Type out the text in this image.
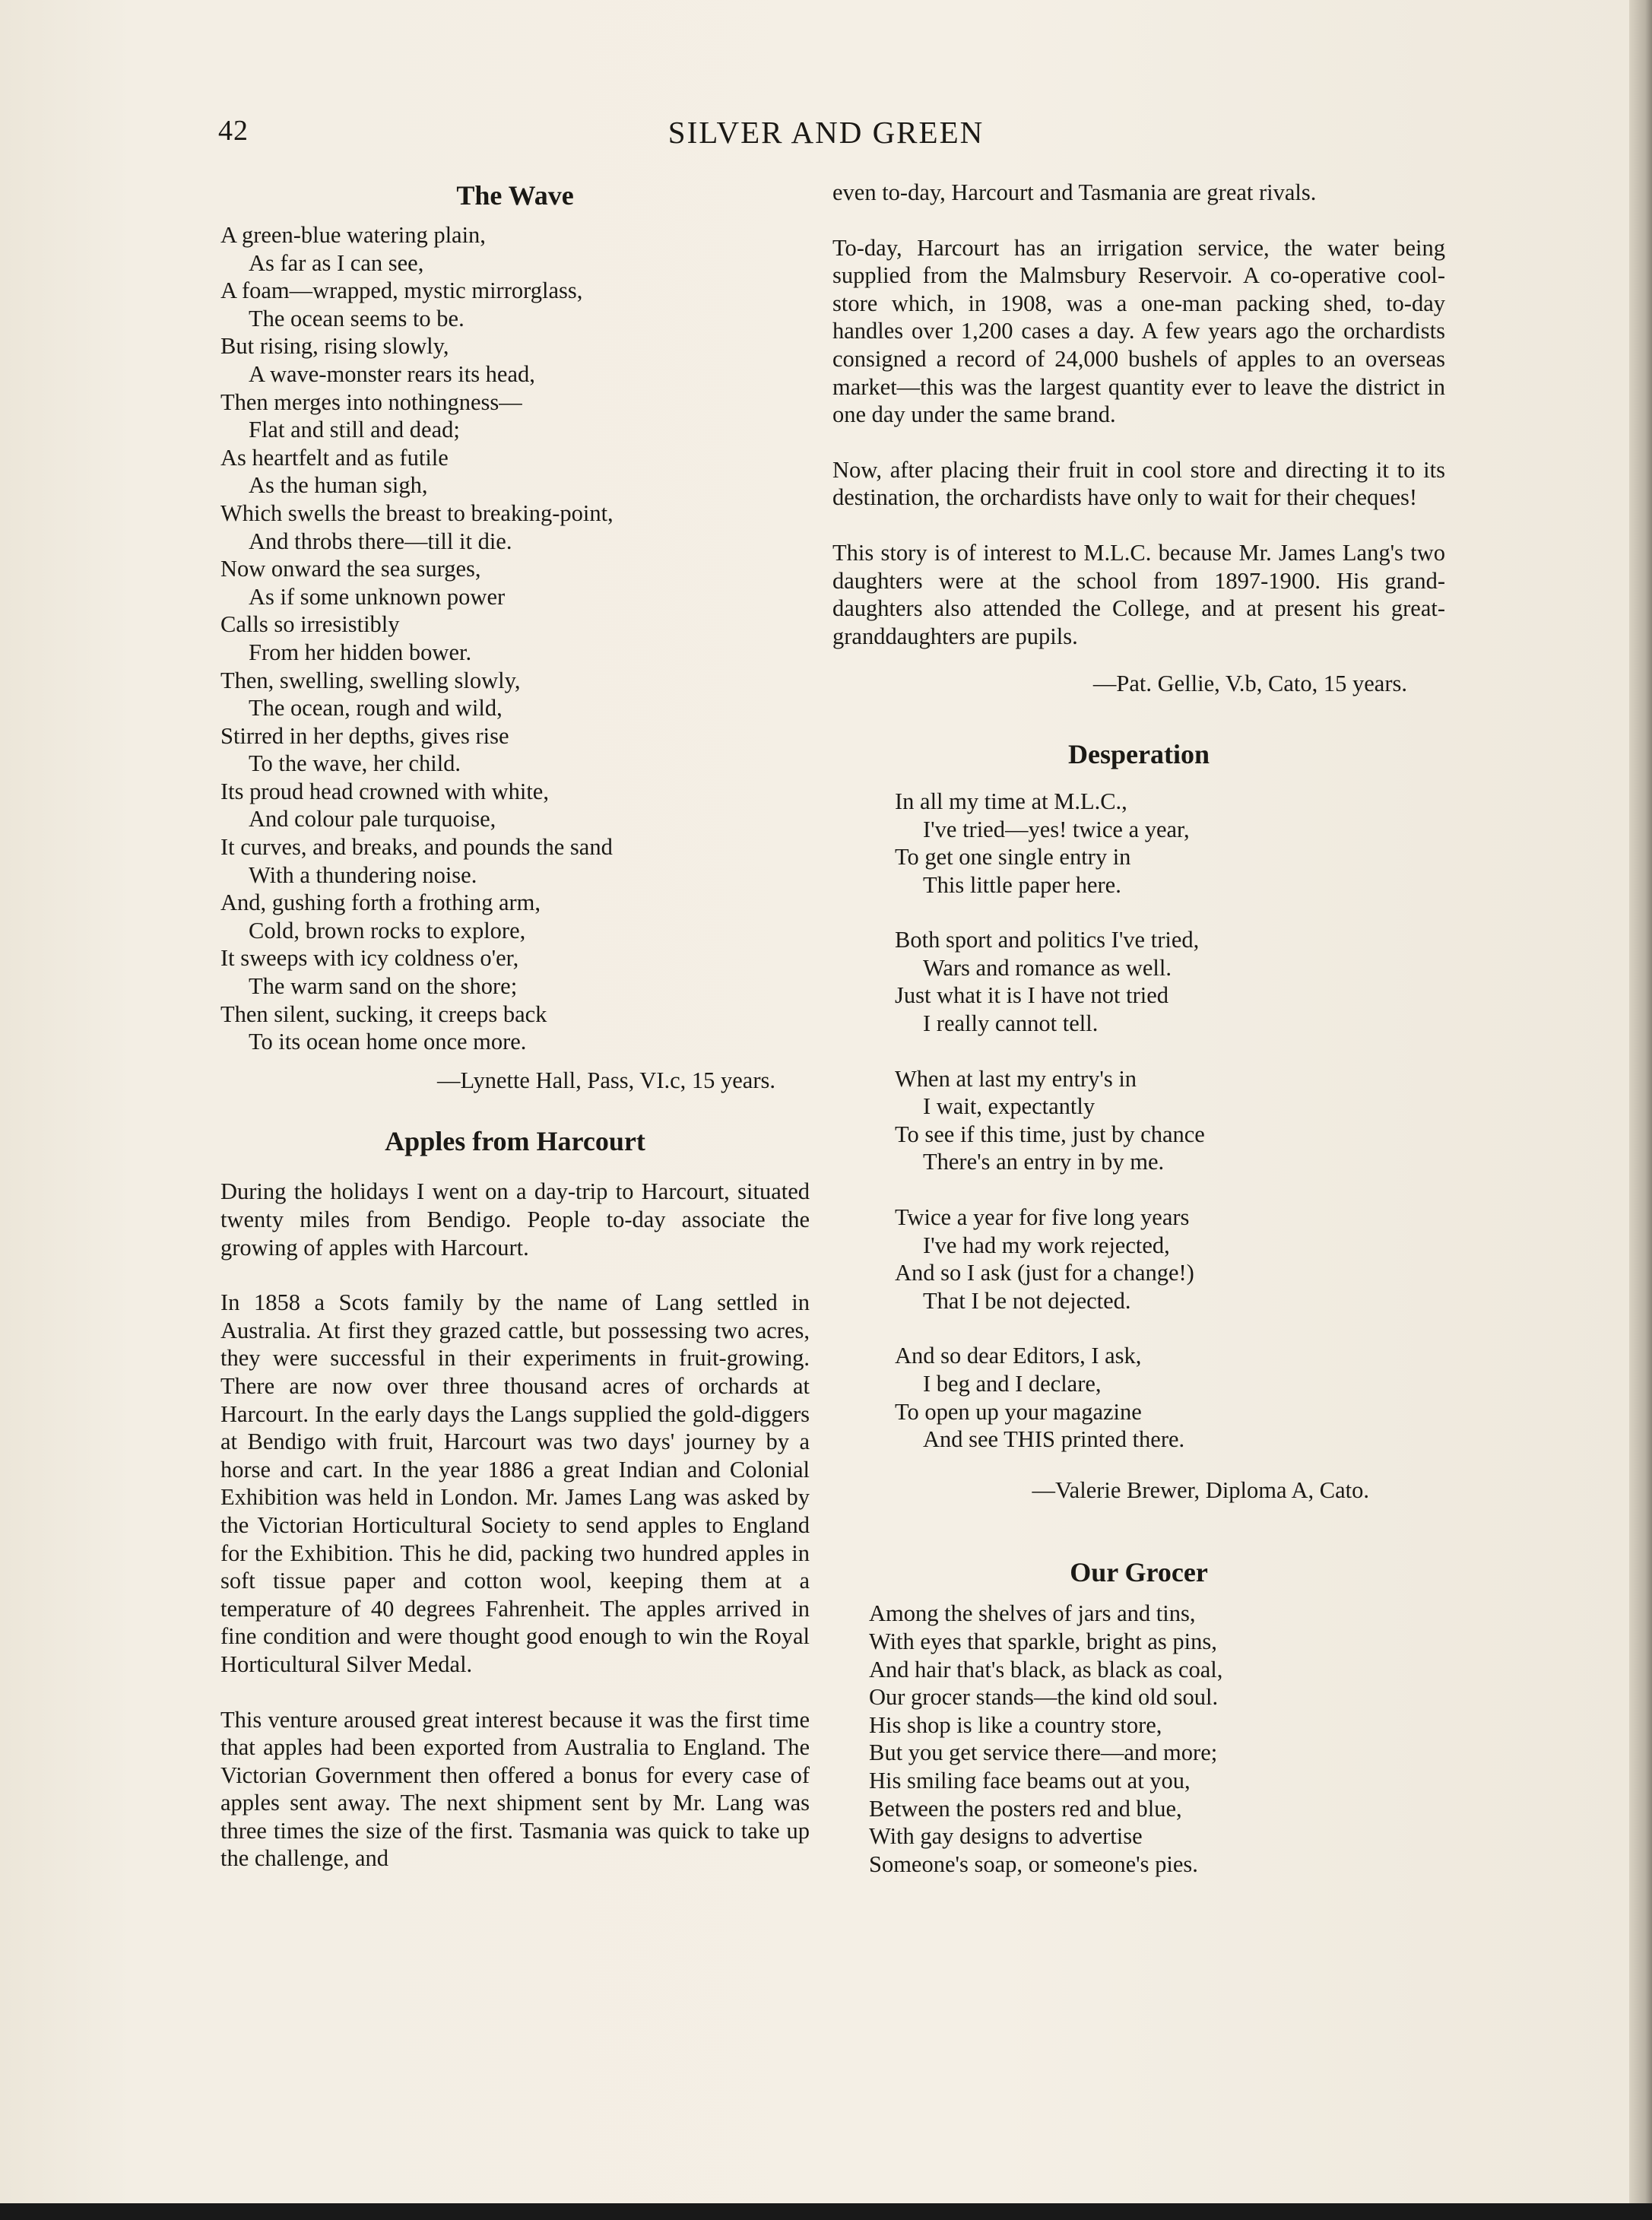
42	SILVER AND GREEN
The Wave
A green-blue watering plain,
As far as I can see,
A foam—wrapped, mystic mirrorglass,
The ocean seems to be.
But rising, rising slowly,
A wave-monster rears its head,
Then merges into nothingness—
Flat and still and dead;
As heartfelt and as futile
As the human sigh,
Which swells the breast to breaking-point,
And throbs there—till it die.
Now onward the sea surges,
As if some unknown power
Calls so irresistibly
From her hidden bower.
Then, swelling, swelling slowly,
The ocean, rough and wild,
Stirred in her depths, gives rise
To the wave, her child.
Its proud head crowned with white,
And colour pale turquoise,
It curves, and breaks, and pounds the sand
With a thundering noise.
And, gushing forth a frothing arm,
Cold, brown rocks to explore,
It sweeps with icy coldness o'er,
The warm sand on the shore;
Then silent, sucking, it creeps back
To its ocean home once more.

—Lynette Hall, Pass, VI.c, 15 years.

Apples from Harcourt

During the holidays I went on a day-trip to Harcourt, situated twenty miles from Bendigo. People to-day associate the growing of apples with Harcourt.

In 1858 a Scots family by the name of Lang settled in Australia. At first they grazed cattle, but possessing two acres, they were successful in their experiments in fruit-growing. There are now over three thousand acres of orchards at Harcourt. In the early days the Langs supplied the gold-diggers at Bendigo with fruit, Harcourt was two days' journey by a horse and cart. In the year 1886 a great Indian and Colonial Exhibition was held in London. Mr. James Lang was asked by the Victorian Horticultural Society to send apples to England for the Exhibition. This he did, packing two hundred apples in soft tissue paper and cotton wool, keeping them at a temperature of 40 degrees Fahrenheit. The apples arrived in fine condition and were thought good enough to win the Royal Horticultural Silver Medal.

This venture aroused great interest because it was the first time that apples had been exported from Australia to England. The Victorian Government then offered a bonus for every case of apples sent away. The next shipment sent by Mr. Lang was three times the size of the first. Tasmania was quick to take up the challenge, and

even to-day, Harcourt and Tasmania are great rivals.

To-day, Harcourt has an irrigation service, the water being supplied from the Malmsbury Reservoir. A co-operative cool-store which, in 1908, was a one-man packing shed, to-day handles over 1,200 cases a day. A few years ago the orchardists consigned a record of 24,000 bushels of apples to an overseas market—this was the largest quantity ever to leave the district in one day under the same brand.

Now, after placing their fruit in cool store and directing it to its destination, the orchardists have only to wait for their cheques!

This story is of interest to M.L.C. because Mr. James Lang's two daughters were at the school from 1897-1900. His grand-daughters also attended the College, and at present his great-granddaughters are pupils.

—Pat. Gellie, V.b, Cato, 15 years.

Desperation
In all my time at M.L.C.,
I've tried—yes! twice a year,
To get one single entry in
This little paper here.
Both sport and politics I've tried,
Wars and romance as well.
Just what it is I have not tried
I really cannot tell.
When at last my entry's in
I wait, expectantly
To see if this time, just by chance
There's an entry in by me.
Twice a year for five long years
I've had my work rejected,
And so I ask (just for a change!)
That I be not dejected.
And so dear Editors, I ask,
I beg and I declare,
To open up your magazine
And see THIS printed there.

—Valerie Brewer, Diploma A, Cato.

Our Grocer
Among the shelves of jars and tins,
With eyes that sparkle, bright as pins,
And hair that's black, as black as coal,
Our grocer stands—the kind old soul.
His shop is like a country store,
But you get service there—and more;
His smiling face beams out at you,
Between the posters red and blue,
With gay designs to advertise
Someone's soap, or someone's pies.
